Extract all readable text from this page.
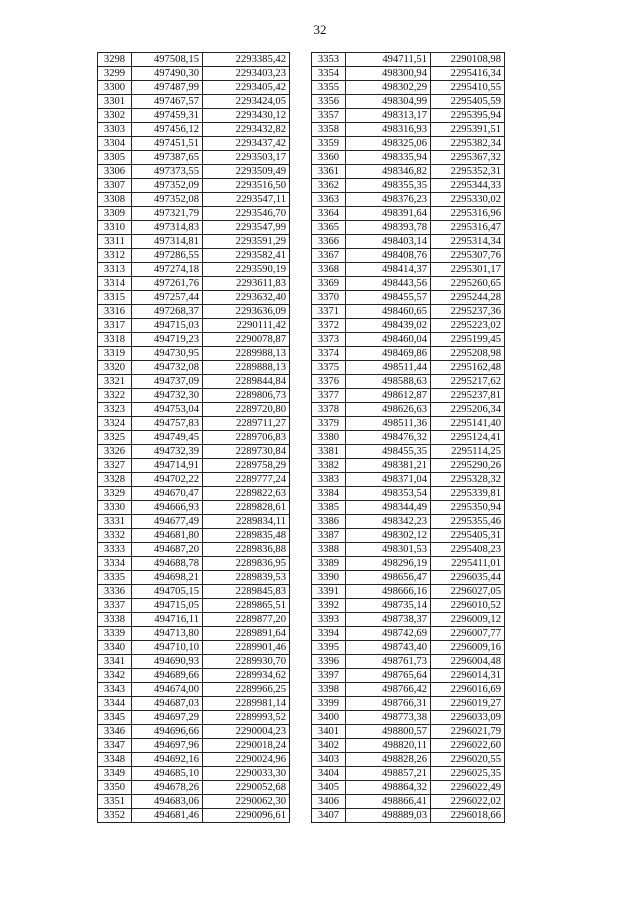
32
3298	497508,15	2293385,42
3299	497490,30	2293403,23
3300	497487,99	2293405,42
3301	497467,57	2293424,05
3302	497459,31	2293430,12
3303	497456,12	2293432,82
3304	497451,51	2293437,42
3305	497387,65	2293503,17
3306	497373,55	2293509,49
3307	497352,09	2293516,50
3308	497352,08	2293547,11
3309	497321,79	2293546,70
3310	497314,83	2293547,99
3311	497314,81	2293591,29
3312	497286,55	2293582,41
3313	497274,18	2293590,19
3314	497261,76	2293611,83
3315	497257,44	2293632,40
3316	497268,37	2293636,09
3317	494715,03	2290111,42
3318	494719,23	2290078,87
3319	494730,95	2289988,13
3320	494732,08	2289888,13
3321	494737,09	2289844,84
3322	494732,30	2289806,73
3323	494753,04	2289720,80
3324	494757,83	2289711,27
3325	494749,45	2289706,83
3326	494732,39	2289730,84
3327	494714,91	2289758,29
3328	494702,22	2289777,24
3329	494670,47	2289822,63
3330	494666,93	2289828,61
3331	494677,49	2289834,11
3332	494681,80	2289835,48
3333	494687,20	2289836,88
3334	494688,78	2289836,95
3335	494698,21	2289839,53
3336	494705,15	2289845,83
3337	494715,05	2289865,51
3338	494716,11	2289877,20
3339	494713,80	2289891,64
3340	494710,10	2289901,46
3341	494690,93	2289930,70
3342	494689,66	2289934,62
3343	494674,00	2289966,25
3344	494687,03	2289981,14
3345	494697,29	2289993,52
3346	494696,66	2290004,23
3347	494697,96	2290018,24
3348	494692,16	2290024,96
3349	494685,10	2290033,30
3350	494678,26	2290052,68
3351	494683,06	2290062,30
3352	494681,46	2290096,61
3353	494711,51	2290108,98
3354	498300,94	2295416,34
3355	498302,29	2295410,55
3356	498304,99	2295405,59
3357	498313,17	2295395,94
3358	498316,93	2295391,51
3359	498325,06	2295382,34
3360	498335,94	2295367,32
3361	498346,82	2295352,31
3362	498355,35	2295344,33
3363	498376,23	2295330,02
3364	498391,64	2295316,96
3365	498393,78	2295316,47
3366	498403,14	2295314,34
3367	498408,76	2295307,76
3368	498414,37	2295301,17
3369	498443,56	2295260,65
3370	498455,57	2295244,28
3371	498460,65	2295237,36
3372	498439,02	2295223,02
3373	498460,04	2295199,45
3374	498469,86	2295208,98
3375	498511,44	2295162,48
3376	498588,63	2295217,62
3377	498612,87	2295237,81
3378	498626,63	2295206,34
3379	498511,36	2295141,40
3380	498476,32	2295124,41
3381	498455,35	2295114,25
3382	498381,21	2295290,26
3383	498371,04	2295328,32
3384	498353,54	2295339,81
3385	498344,49	2295350,94
3386	498342,23	2295355,46
3387	498302,12	2295405,31
3388	498301,53	2295408,23
3389	498296,19	2295411,01
3390	498656,47	2296035,44
3391	498666,16	2296027,05
3392	498735,14	2296010,52
3393	498738,37	2296009,12
3394	498742,69	2296007,77
3395	498743,40	2296009,16
3396	498761,73	2296004,48
3397	498765,64	2296014,31
3398	498766,42	2296016,69
3399	498766,31	2296019,27
3400	498773,38	2296033,09
3401	498800,57	2296021,79
3402	498820,11	2296022,60
3403	498828,26	2296020,55
3404	498857,21	2296025,35
3405	498864,32	2296022,49
3406	498866,41	2296022,02
3407	498889,03	2296018,66
